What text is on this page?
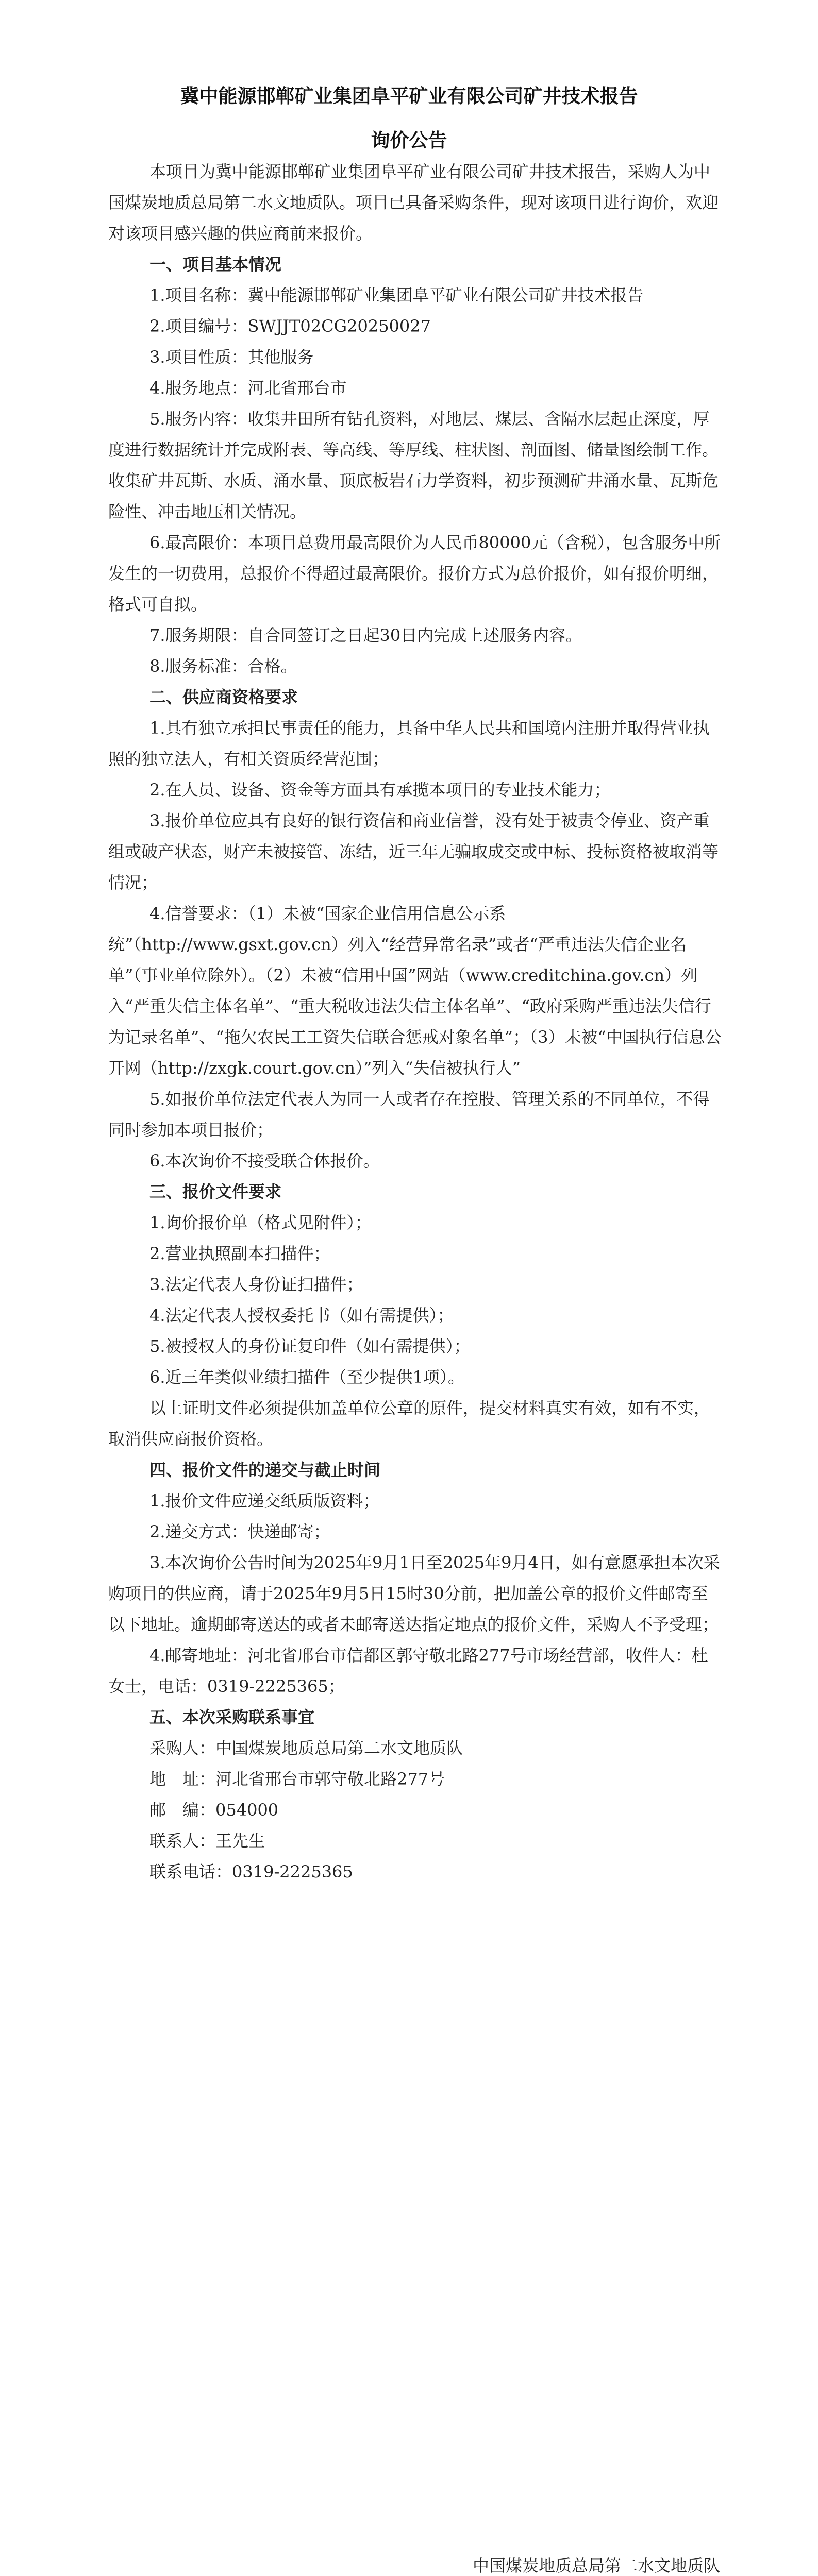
冀中能源邯郸矿业集团阜平矿业有限公司矿井技术报告
询价公告

本项目为冀中能源邯郸矿业集团阜平矿业有限公司矿井技术报告，采购人为中国煤炭地质总局第二水文地质队。项目已具备采购条件，现对该项目进行询价，欢迎对该项目感兴趣的供应商前来报价。

一、项目基本情况

1.项目名称：冀中能源邯郸矿业集团阜平矿业有限公司矿井技术报告

2.项目编号：SWJJT02CG20250027

3.项目性质：其他服务

4.服务地点：河北省邢台市

5.服务内容：收集井田所有钻孔资料，对地层、煤层、含隔水层起止深度，厚度进行数据统计并完成附表、等高线、等厚线、柱状图、剖面图、储量图绘制工作。收集矿井瓦斯、水质、涌水量、顶底板岩石力学资料，初步预测矿井涌水量、瓦斯危险性、冲击地压相关情况。

6.最高限价：本项目总费用最高限价为人民币80000元（含税），包含服务中所发生的一切费用，总报价不得超过最高限价。报价方式为总价报价，如有报价明细，格式可自拟。

7.服务期限：自合同签订之日起30日内完成上述服务内容。

8.服务标准：合格。

二、供应商资格要求

1.具有独立承担民事责任的能力，具备中华人民共和国境内注册并取得营业执照的独立法人，有相关资质经营范围；

2.在人员、设备、资金等方面具有承揽本项目的专业技术能力；

3.报价单位应具有良好的银行资信和商业信誉，没有处于被责令停业、资产重组或破产状态，财产未被接管、冻结，近三年无骗取成交或中标、投标资格被取消等情况；

4.信誉要求：（1）未被“国家企业信用信息公示系统”（http://www.gsxt.gov.cn）列入“经营异常名录”或者“严重违法失信企业名单”（事业单位除外）。（2）未被“信用中国”网站（www.creditchina.gov.cn）列入“严重失信主体名单”、“重大税收违法失信主体名单”、“政府采购严重违法失信行为记录名单”、“拖欠农民工工资失信联合惩戒对象名单”；（3）未被“中国执行信息公开网（http://zxgk.court.gov.cn）”列入“失信被执行人”

5.如报价单位法定代表人为同一人或者存在控股、管理关系的不同单位，不得同时参加本项目报价；

6.本次询价不接受联合体报价。

三、报价文件要求

1.询价报价单（格式见附件）；

2.营业执照副本扫描件；

3.法定代表人身份证扫描件；

4.法定代表人授权委托书（如有需提供）；

5.被授权人的身份证复印件（如有需提供）；

6.近三年类似业绩扫描件（至少提供1项）。

以上证明文件必须提供加盖单位公章的原件，提交材料真实有效，如有不实，取消供应商报价资格。

四、报价文件的递交与截止时间

1.报价文件应递交纸质版资料；

2.递交方式：快递邮寄；

3.本次询价公告时间为2025年9月1日至2025年9月4日，如有意愿承担本次采购项目的供应商，请于2025年9月5日15时30分前，把加盖公章的报价文件邮寄至以下地址。逾期邮寄送达的或者未邮寄送达指定地点的报价文件，采购人不予受理；

4.邮寄地址：河北省邢台市信都区郭守敬北路277号市场经营部，收件人：杜女士，电话：0319-2225365；

五、本次采购联系事宜

采购人：中国煤炭地质总局第二水文地质队

地　址：河北省邢台市郭守敬北路277号

邮　编：054000

联系人：王先生

联系电话：0319-2225365

中国煤炭地质总局第二水文地质队
